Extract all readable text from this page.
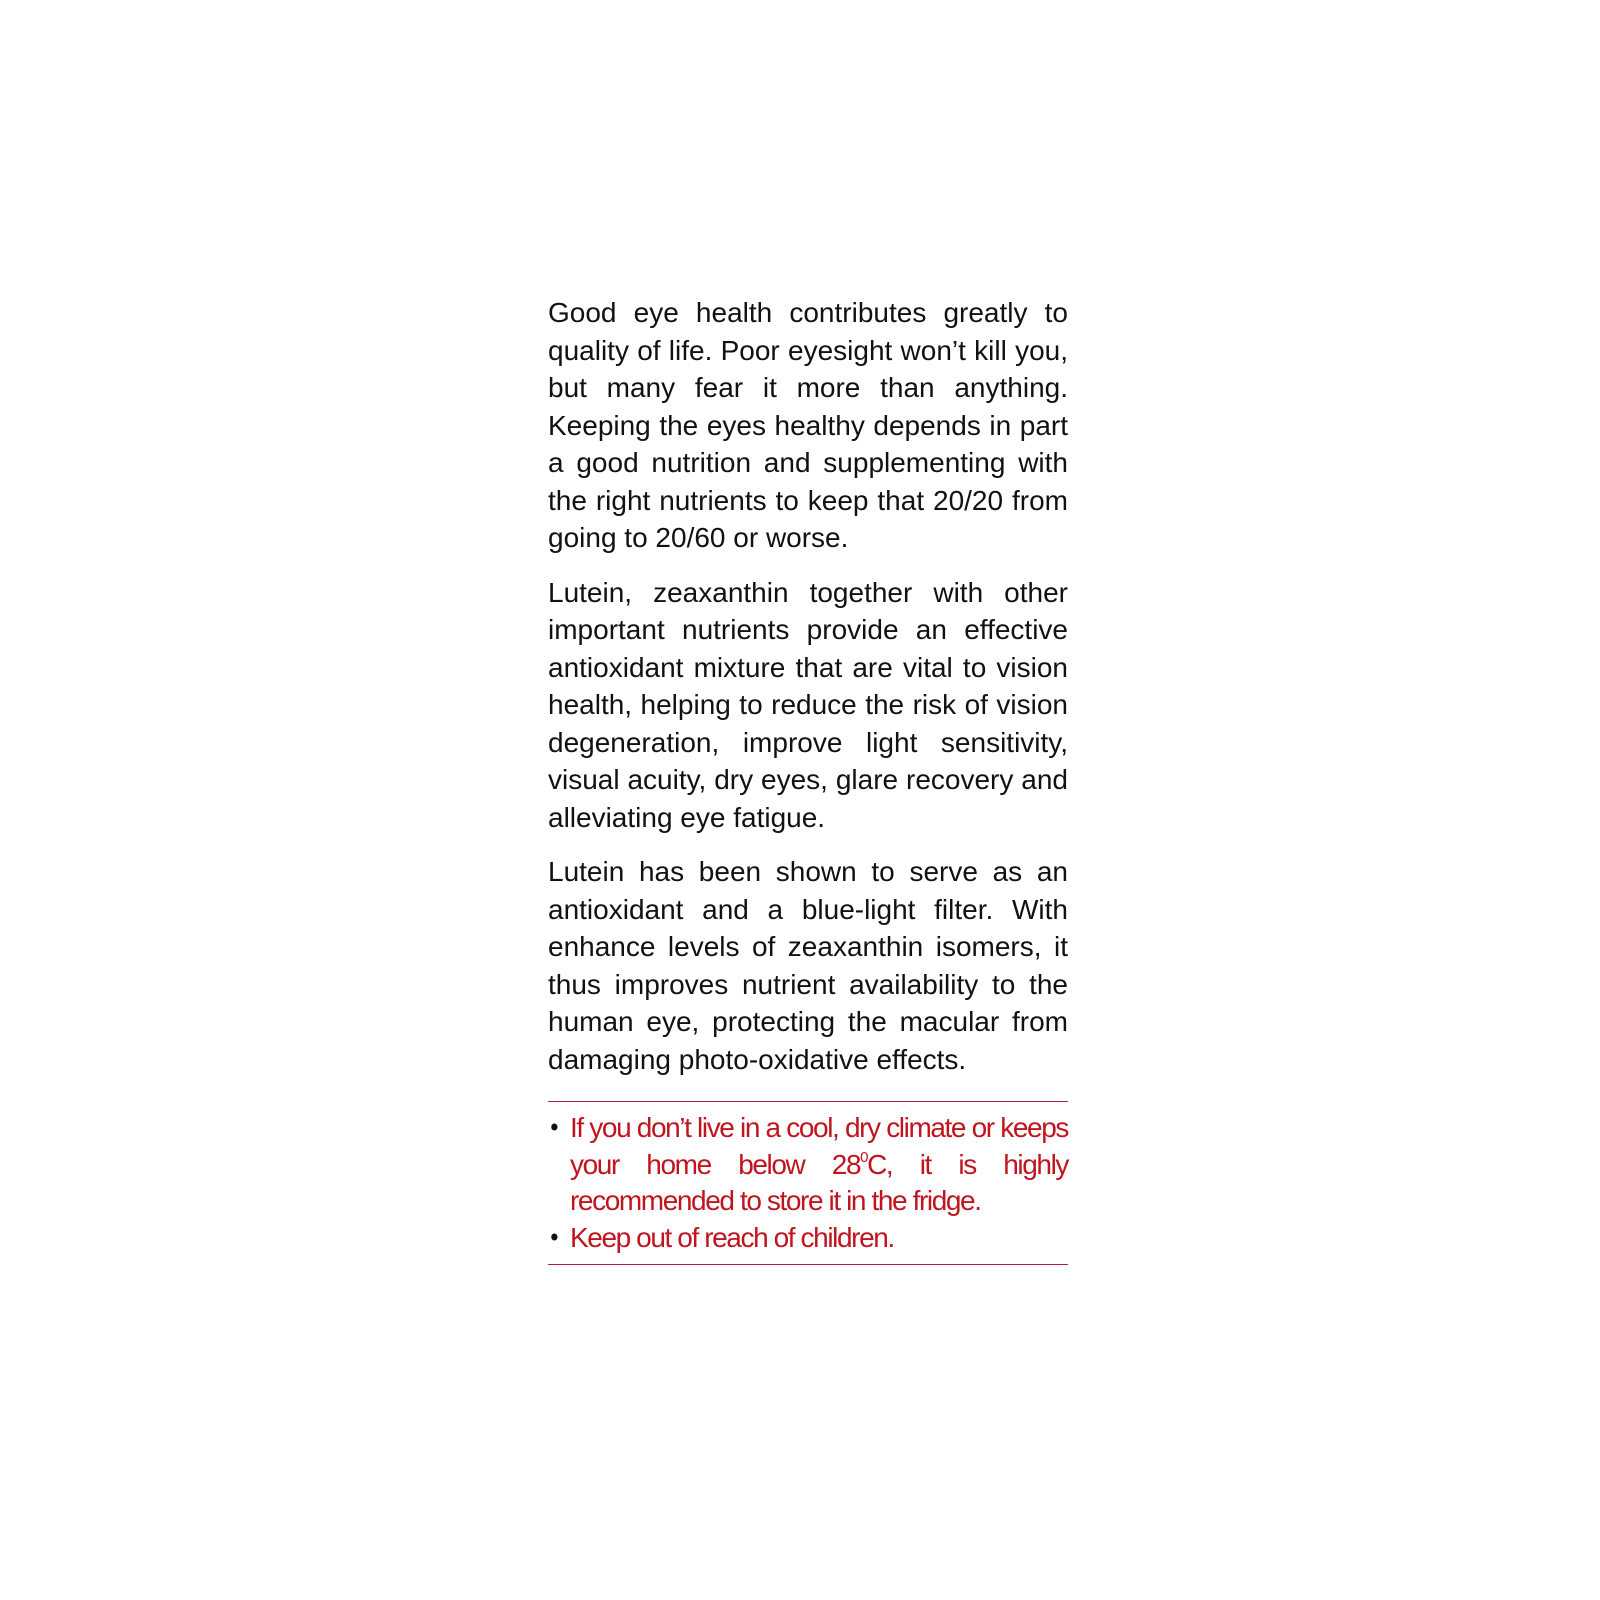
Good eye health contributes greatly to quality of life. Poor eyesight won’t kill you, but many fear it more than anything. Keeping the eyes healthy depends in part a good nutrition and supplementing with the right nutrients to keep that 20/20 from going to 20/60 or worse.

Lutein, zeaxanthin together with other important nutrients provide an effective antioxidant mixture that are vital to vision health, helping to reduce the risk of vision degeneration, improve light sensitivity, visual acuity, dry eyes, glare recovery and alleviating eye fatigue.

Lutein has been shown to serve as an antioxidant and a blue-light filter. With enhance levels of zeaxanthin isomers, it thus improves nutrient availability to the human eye, protecting the macular from damaging photo-oxidative effects.

• If you don’t live in a cool, dry climate or keeps your home below $28^0C$, it is highly recommended to store it in the fridge.
• Keep out of reach of children.
